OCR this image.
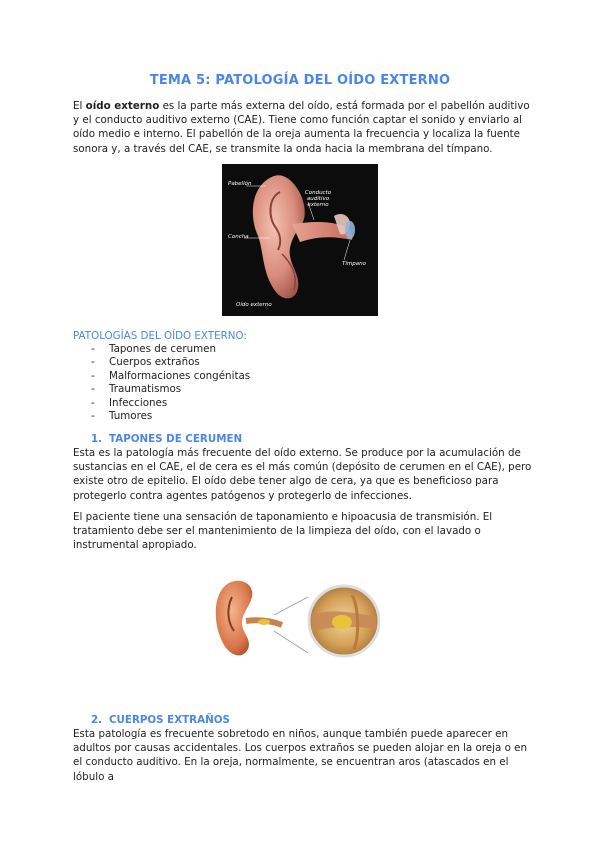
TEMA 5: PATOLOGÍA DEL OÍDO EXTERNO

El oído externo es la parte más externa del oído, está formada por el pabellón auditivo y el conducto auditivo externo (CAE). Tiene como función captar el sonido y enviarlo al oído medio e interno. El pabellón de la oreja aumenta la frecuencia y localiza la fuente sonora y, a través del CAE, se transmite la onda hacia la membrana del tímpano.

Pabellón
Conducto auditivo externo
Concha
Tímpano
Oído externo
PATOLOGÍAS DEL OÍDO EXTERNO:
- Tapones de cerumen
- Cuerpos extraños
- Malformaciones congénitas
- Traumatismos
- Infecciones
- Tumores
1. TAPONES DE CERUMEN

Esta es la patología más frecuente del oído externo. Se produce por la acumulación de sustancias en el CAE, el de cera es el más común (depósito de cerumen en el CAE), pero existe otro de epitelio. El oído debe tener algo de cera, ya que es beneficioso para protegerlo contra agentes patógenos y protegerlo de infecciones.

El paciente tiene una sensación de taponamiento e hipoacusia de transmisión. El tratamiento debe ser el mantenimiento de la limpieza del oído, con el lavado o instrumental apropiado.

2. CUERPOS EXTRAÑOS

Esta patología es frecuente sobretodo en niños, aunque también puede aparecer en adultos por causas accidentales. Los cuerpos extraños se pueden alojar en la oreja o en el conducto auditivo. En la oreja, normalmente, se encuentran aros (atascados en el lóbulo a
